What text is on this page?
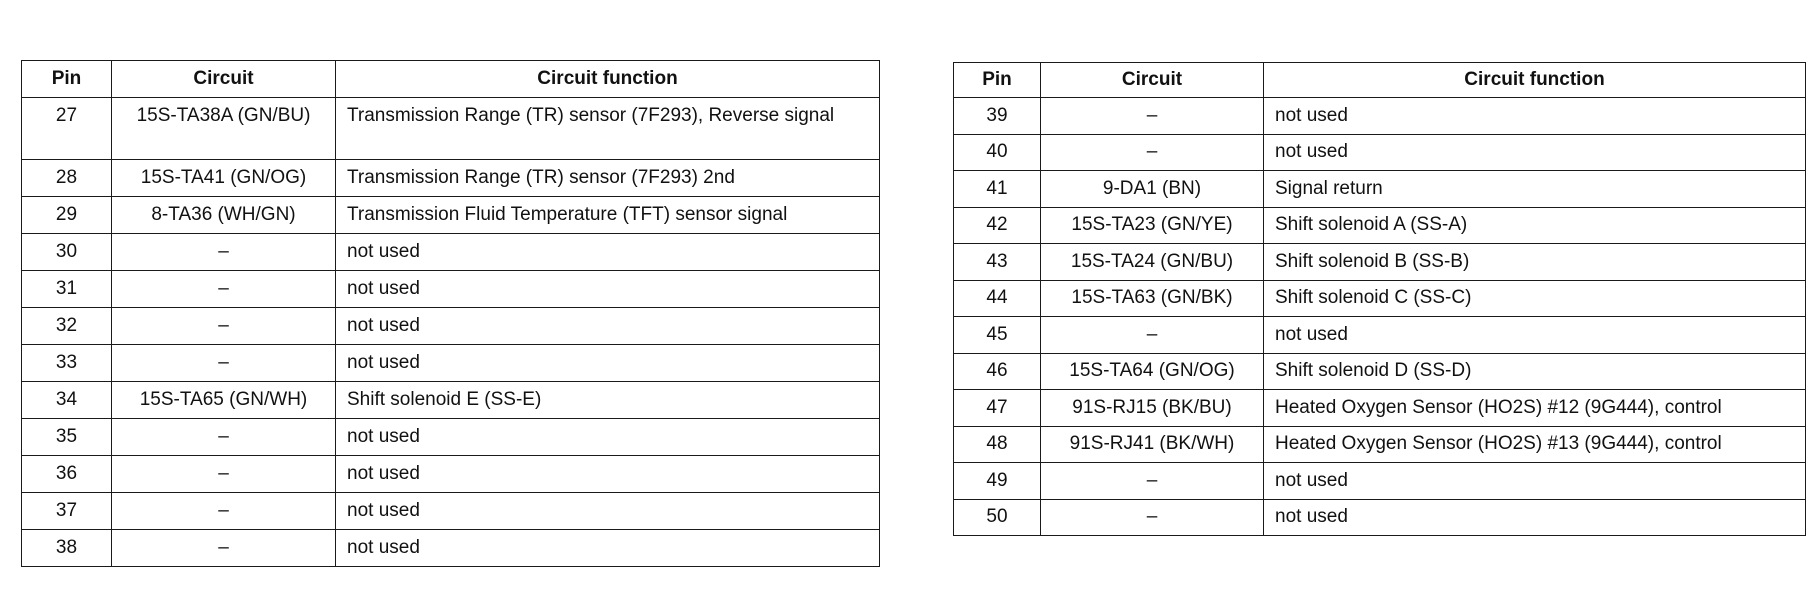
Pin	Circuit	Circuit function
27	15S-TA38A (GN/BU)	Transmission Range (TR) sensor (7F293), Reverse signal
28	15S-TA41 (GN/OG)	Transmission Range (TR) sensor (7F293) 2nd
29	8-TA36 (WH/GN)	Transmission Fluid Temperature (TFT) sensor signal
30	–	not used
31	–	not used
32	–	not used
33	–	not used
34	15S-TA65 (GN/WH)	Shift solenoid E (SS-E)
35	–	not used
36	–	not used
37	–	not used
38	–	not used
Pin	Circuit	Circuit function
39	–	not used
40	–	not used
41	9-DA1 (BN)	Signal return
42	15S-TA23 (GN/YE)	Shift solenoid A (SS-A)
43	15S-TA24 (GN/BU)	Shift solenoid B (SS-B)
44	15S-TA63 (GN/BK)	Shift solenoid C (SS-C)
45	–	not used
46	15S-TA64 (GN/OG)	Shift solenoid D (SS-D)
47	91S-RJ15 (BK/BU)	Heated Oxygen Sensor (HO2S) #12 (9G444), control
48	91S-RJ41 (BK/WH)	Heated Oxygen Sensor (HO2S) #13 (9G444), control
49	–	not used
50	–	not used
